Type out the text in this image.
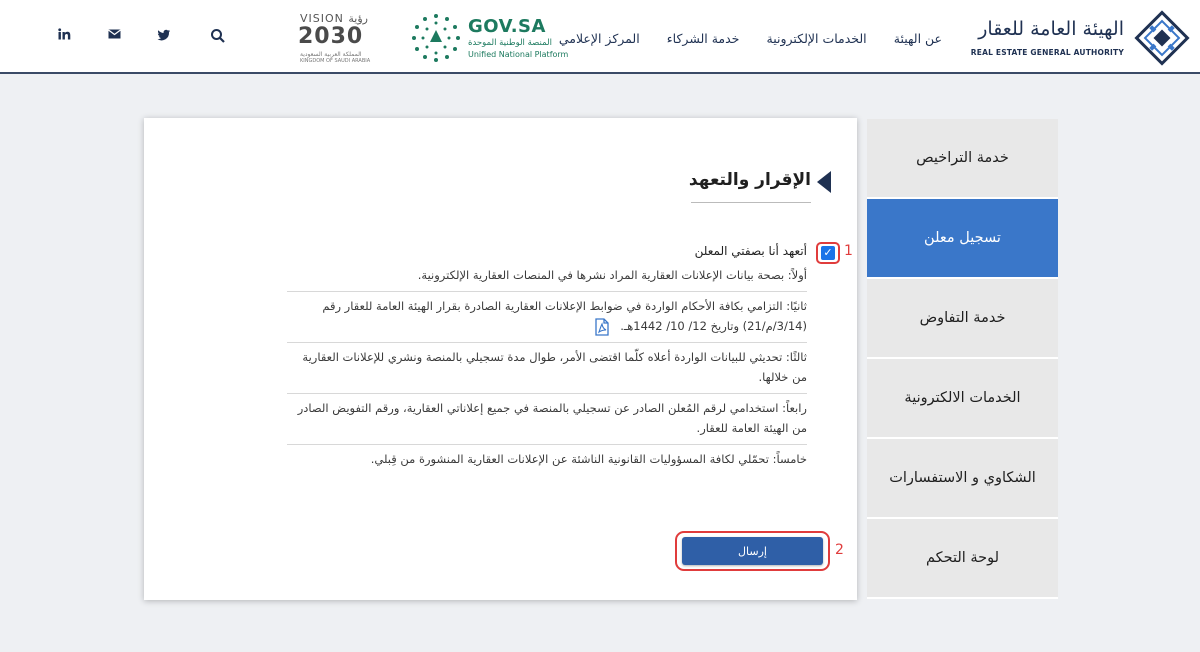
الهيئة العامة للعقار
REAL ESTATE GENERAL AUTHORITY
عن الهيئة الخدمات الإلكترونية خدمة الشركاء المركز الإعلامي
GOV.SA
المنصة الوطنية الموحدة
Unified National Platform
VISION رؤية
2030
المملكة العربية السعودية
KINGDOM OF SAUDI ARABIA
خدمة التراخيص
تسجيل معلن
خدمة التفاوض
الخدمات الالكترونية
الشكاوي و الاستفسارات
لوحة التحكم
الإقرار والتعهد
✓ 1
أتعهد أنا بصفتي المعلن
أولاً: بصحة بيانات الإعلانات العقارية المراد نشرها في المنصات العقارية الإلكترونية.
ثانيًا: التزامي بكافة الأحكام الواردة في ضوابط الإعلانات العقارية الصادرة بقرار الهيئة العامة للعقار رقم (3/14/م/21) وتاريخ 12/ 10/ 1442هـ.
ثالثًا: تحديثي للبيانات الواردة أعلاه كلّما اقتضى الأمر، طوال مدة تسجيلي بالمنصة ونشري للإعلانات العقارية من خلالها.
رابعاً: استخدامي لرقم المُعلن الصادر عن تسجيلي بالمنصة في جميع إعلاناتي العقارية، ورقم التفويض الصادر من الهيئة العامة للعقار.
خامساً: تحمّلي لكافة المسؤوليات القانونية الناشئة عن الإعلانات العقارية المنشورة من قِبلي.
إرسال	2
